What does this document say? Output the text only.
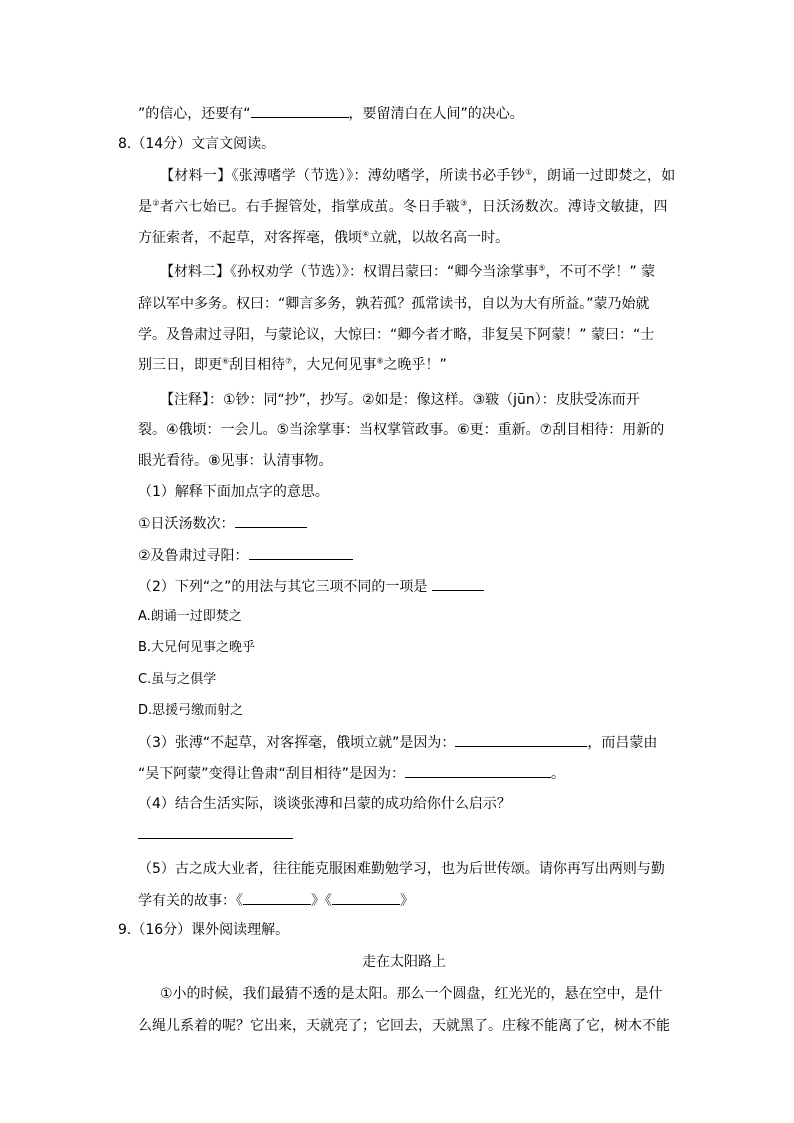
”的信心，还要有“	，要留清白在人间”的决心。
8.（14分）文言文阅读。
【材料一】《张溥嗜学（节选）》：溥幼嗜学，所读书必手钞①，朗诵一过即焚之，如
是②者六七始已。右手握管处，指掌成茧。冬日手皲③，日沃汤数次。溥诗文敏捷，四
方征索者，不起草，对客挥毫，俄顷④立就，以故名高一时。
【材料二】《孙权劝学（节选）》：权谓吕蒙曰：“卿今当涂掌事⑤，不可不学！” 蒙
辞以军中多务。权曰：“卿言多务，孰若孤？孤常读书，自以为大有所益。”蒙乃始就
学。及鲁肃过寻阳，与蒙论议，大惊曰：“卿今者才略，非复吴下阿蒙！” 蒙曰：“士
别三日，即更⑥刮目相待⑦，大兄何见事⑧之晚乎！”
【注释】：①钞：同“抄”，抄写。②如是：像这样。③皲（jūn）：皮肤受冻而开
裂。④俄顷：一会儿。⑤当涂掌事：当权掌管政事。⑥更：重新。⑦刮目相待：用新的
眼光看待。⑧见事：认清事物。
（1）解释下面加点字的意思。
①日沃汤数次：
②及鲁肃过寻阳：
（2）下列“之”的用法与其它三项不同的一项是
A.朗诵一过即焚之
B.大兄何见事之晚乎
C.虽与之俱学
D.思援弓缴而射之
（3）张溥“不起草，对客挥毫，俄顷立就”是因为：	，而吕蒙由
“吴下阿蒙”变得让鲁肃“刮目相待”是因为：	。
（4）结合生活实际，谈谈张溥和吕蒙的成功给你什么启示？
（5）古之成大业者，往往能克服困难勤勉学习，也为后世传颂。请你再写出两则与勤
学有关的故事：《	》《	》
9.（16分）课外阅读理解。
走在太阳路上
①小的时候，我们最猜不透的是太阳。那么一个圆盘，红光光的，悬在空中，是什
么绳儿系着的呢？它出来，天就亮了；它回去，天就黑了。庄稼不能离了它，树木不能
